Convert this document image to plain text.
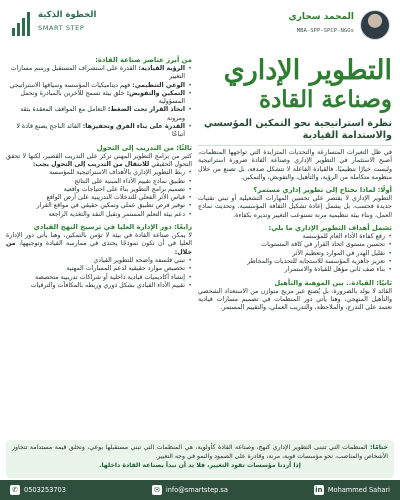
المحمد سحاري
MBA-SPP-SPCP-NGOs
الخطوة الذكية
SMART STEP
التطوير الإداري
وصناعة القادة
نظرة استراتيجية نحو التمكين المؤسسي والاستدامة القيادية

في ظل التغيرات المتسارعة والتحديات المتزايدة التي تواجهها المنظمات، أصبح الاستثمار في التطوير الإداري وصناعة القادة ضرورة استراتيجية وليست خيارًا تنظيميًا. فالقيادة الفاعلة لا تتشكل صدفة، بل تصنع من خلال منظومة متكاملة من الرؤية، والتأهيل، والتفويض، والتمكين.

أولًا: لماذا نحتاج إلى تطوير إداري مستمر؟

التطوير الإداري لا يقتصر على تحسين المهارات التشغيلية أو تبني تقنيات جديدة فحسب، بل يشمل إعادة تشكيل الثقافة المؤسسية، وتحديث نماذج العمل، وبناء بيئة تنظيمية مرنة تستوعب التغيير وتديره بكفاءة.

تشمل أهداف التطوير الإداري ما يلي:
• رفع كفاءة الأداء العام للمؤسسة
• تحسين مستوى اتخاذ القرار في كافة المستويات
• تقليل الهدر في الموارد وتعظيم الأثر
• تعزيز جاهزية المؤسسة للاستجابة للتحديات والمخاطر
• بناء صف ثاني مؤهل للقيادة والاستمرار
ثانيًا: القيادة.. بين الموهبة والتأهيل

القائد لا يولد بالضرورة، بل يُصنع عبر مزيج متوازن من الاستعداد الشخصي والتأهيل المنهجي، وهنا يأتي دور المنظمات في تصميم مسارات قيادية تعتمد على التدرج، والملاحظة، والتدريب العملي، والتقييم المستمر.

من أبرز عناصر صناعة القادة:
• الرؤية القيادية: القدرة على استشراف المستقبل ورسم مسارات التغيير
• الوعي التنظيمي: فهم ديناميكيات المؤسسة وسياقها الاستراتيجي
• التمكين والتفويض: خلق بيئة تسمح للآخرين بالمبادرة وتحمل المسؤولية
• اتخاذ القرار تحت الضغط: التعامل مع المواقف المعقدة بثقة ومرونة
• القدرة على بناء الفرق وتحفيزها: القائد الناجح يصنع قادة لا أتباعًا
ثالثًا: من التدريب إلى التحول

كثير من برامج التطوير المهني تركز على التدريب القصير، لكنها لا تحقق التحول الحقيقي للانتقال من التدريب إلى التحول يجب:

• ربط التطوير الإداري بالأهداف الاستراتيجية للمؤسسة
• تطبيق نماذج تقييم الأداء المبنية على النتائج
• تصميم برامج التطوير بناءً على احتياجات واقعية
• قياس الأثر الفعلي للتدخلات التدريبية على أرض الواقع
• توفير فرص تطبيق عملي وتمكين حقيقي في مواقع القرار
• دعم بيئة التعلم المستمر وتقبل النقد والتغذية الراجعة
رابعًا: دور الإدارة العليا في ترسيخ النهج القيادي

لا يمكن صناعة القادة في بيئة لا تؤمن بالتمكين، وهنا يأتي دور الإدارة العليا في أن تكون نموذجًا يحتذى في ممارسة القيادة وتوجيهها، من خلال:

• تبني فلسفة واضحة للتطوير القيادي
• تخصيص موارد حقيقية لدعم المسارات المهنية
• إنشاء أكاديميات قيادية داخلية أو شراكات تدريبية متخصصة
• تقييم الأداء القيادي بشكل دوري وربطه بالمكافآت والترقيات

ختامًا: المنظمات التي تتبنى التطوير الإداري كنهج، وصناعة القادة كأولوية، هي المنظمات التي تبني مستقبلها بوعي، وتخلق قيمة مستدامة تتجاوز الأشخاص والمناصب، نحو مؤسسات قوية، مرنة، وقادرة على الصمود والنمو في وجه التغيير.

إذا أردنا مؤسسات تقود التغيير، فلا بد أن نبدأ بصناعة القادة داخلها.

✆ 0503253703	✉ info@smartstep.sa	in Mohammed Sahari
